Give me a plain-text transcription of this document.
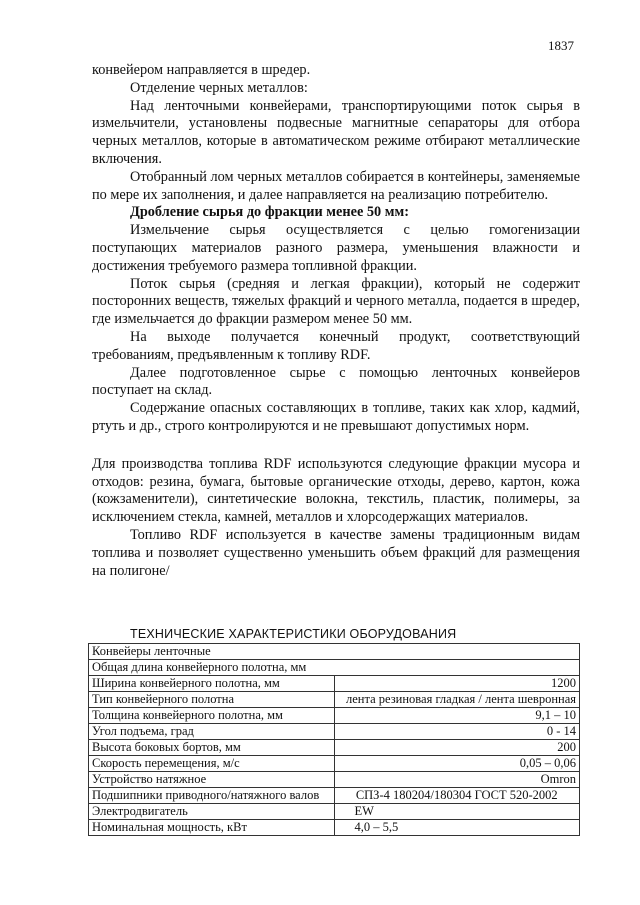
1837

конвейером направляется в шредер.

Отделение черных металлов:

Над ленточными конвейерами, транспортирующими поток сырья в измельчители, установлены подвесные магнитные сепараторы для отбора черных металлов, которые в автоматическом режиме отбирают металлические включения.

Отобранный лом черных металлов собирается в контейнеры, заменяемые по мере их заполнения, и далее направляется на реализацию потребителю.

Дробление сырья до фракции менее 50 мм:

Измельчение сырья осуществляется с целью гомогенизации поступающих материалов разного размера, уменьшения влажности и достижения требуемого размера топливной фракции.

Поток сырья (средняя и легкая фракции), который не содержит посторонних веществ, тяжелых фракций и черного металла, подается в шредер, где измельчается до фракции размером менее 50 мм.

На выходе получается конечный продукт, соответствующий требованиям, предъявленным к топливу RDF.

Далее подготовленное сырье с помощью ленточных конвейеров поступает на склад.

Содержание опасных составляющих в топливе, таких как хлор, кадмий, ртуть и др., строго контролируются и не превышают допустимых норм.

Для производства топлива RDF используются следующие фракции мусора и отходов: резина, бумага, бытовые органические отходы, дерево, картон, кожа (кожзаменители), синтетические волокна, текстиль, пластик, полимеры, за исключением стекла, камней, металлов и хлорсодержащих материалов.

Топливо RDF используется в качестве замены традиционным видам топлива и позволяет существенно уменьшить объем фракций для размещения на полигоне/

ТЕХНИЧЕСКИЕ ХАРАКТЕРИСТИКИ ОБОРУДОВАНИЯ
Конвейеры ленточные	
Общая длина конвейерного полотна, мм	
Ширина конвейерного полотна, мм	1200
Тип конвейерного полотна	лента резиновая гладкая / лента шевронная
Толщина конвейерного полотна, мм	9,1 – 10
Угол подъема, град	0 - 14
Высота боковых бортов, мм	200
Скорость перемещения, м/с	0,05 – 0,06
Устройство натяжное	Omron
Подшипники приводного/натяжного валов	СПЗ-4 180204/180304 ГОСТ 520-2002
Электродвигатель	EW
Номинальная мощность, кВт	4,0 – 5,5
